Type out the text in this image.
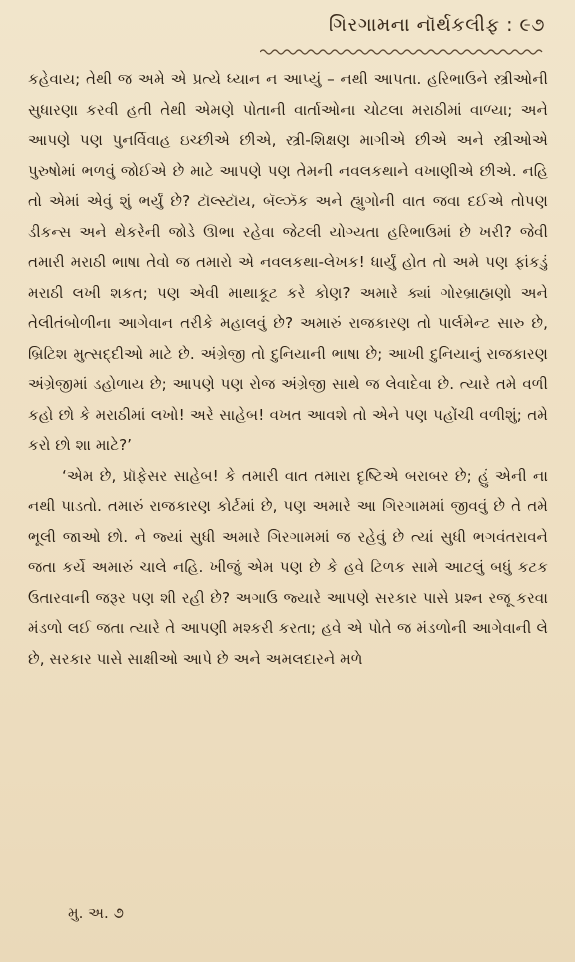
ગિરગામના નૉર્થકલીફ : ૯૭

કહેવાય; તેથી જ અમે એ પ્રત્યે ધ્યાન ન આપ્યું – નથી આપતા. હરિભાઉને સ્ત્રીઓની સુધારણા કરવી હતી તેથી એમણે પોતાની વાર્તાઓના ચોટલા મરાઠીમાં વાળ્યા; અને આપણે પણ પુનર્વિવાહ ઇચ્છીએ છીએ, સ્ત્રી-શિક્ષણ માગીએ છીએ અને સ્ત્રીઓએ પુરુષોમાં ભળવું જોઈએ છે માટે આપણે પણ તેમની નવલકથાને વખાણીએ છીએ. નહિ તો એમાં એવું શું ભર્યું છે? ટૉલ્સ્ટૉય, બૅલ્ઝૅક અને હ્યુગોની વાત જવા દઈએ તોપણ ડીકન્સ અને થેકરેની જોડે ઊભા રહેવા જેટલી યોગ્યતા હરિભાઉમાં છે ખરી? જેવી તમારી મરાઠી ભાષા તેવો જ તમારો એ નવલકથા-લેખક! ધાર્યું હોત તો અમે પણ ફાંકડું મરાઠી લખી શકત; પણ એવી માથાકૂટ કરે કોણ? અમારે ક્યાં ગોરબ્રાહ્મણો અને તેલીતંબોળીના આગેવાન તરીકે મહાલવું છે? અમારું રાજકારણ તો પાર્લમેન્ટ સારુ છે, બ્રિટિશ મુત્સદ્દીઓ માટે છે. અંગ્રેજી તો દુનિયાની ભાષા છે; આખી દુનિયાનું રાજકારણ અંગ્રેજીમાં ડહોળાય છે; આપણે પણ રોજ અંગ્રેજી સાથે જ લેવાદેવા છે. ત્યારે તમે વળી કહો છો કે મરાઠીમાં લખો! અરે સાહેબ! વખત આવશે તો એને પણ પહોંચી વળીશું; તમે કરો છો શા માટે?’

‘એમ છે, પ્રૉફેસર સાહેબ! કે તમારી વાત તમારા દૃષ્ટિએ બરાબર છે; હું એની ના નથી પાડતો. તમારું રાજકારણ કોર્ટમાં છે, પણ અમારે આ ગિરગામમાં જીવવું છે તે તમે ભૂલી જાઓ છો. ને જ્યાં સુધી અમારે ગિરગામમાં જ રહેવું છે ત્યાં સુધી ભગવંતરાવને જતા કર્યે અમારું ચાલે નહિ. ખીજું એમ પણ છે કે હવે ટિળક સામે આટલું બધું કટક ઉતારવાની જરૂર પણ શી રહી છે? અગાઉ જ્યારે આપણે સરકાર પાસે પ્રશ્ન રજૂ કરવા મંડળો લઈ જતા ત્યારે તે આપણી મશ્કરી કરતા; હવે એ પોતે જ મંડળોની આગેવાની લે છે, સરકાર પાસે સાક્ષીઓ આપે છે અને અમલદારને મળે

મુ. અ. ૭
